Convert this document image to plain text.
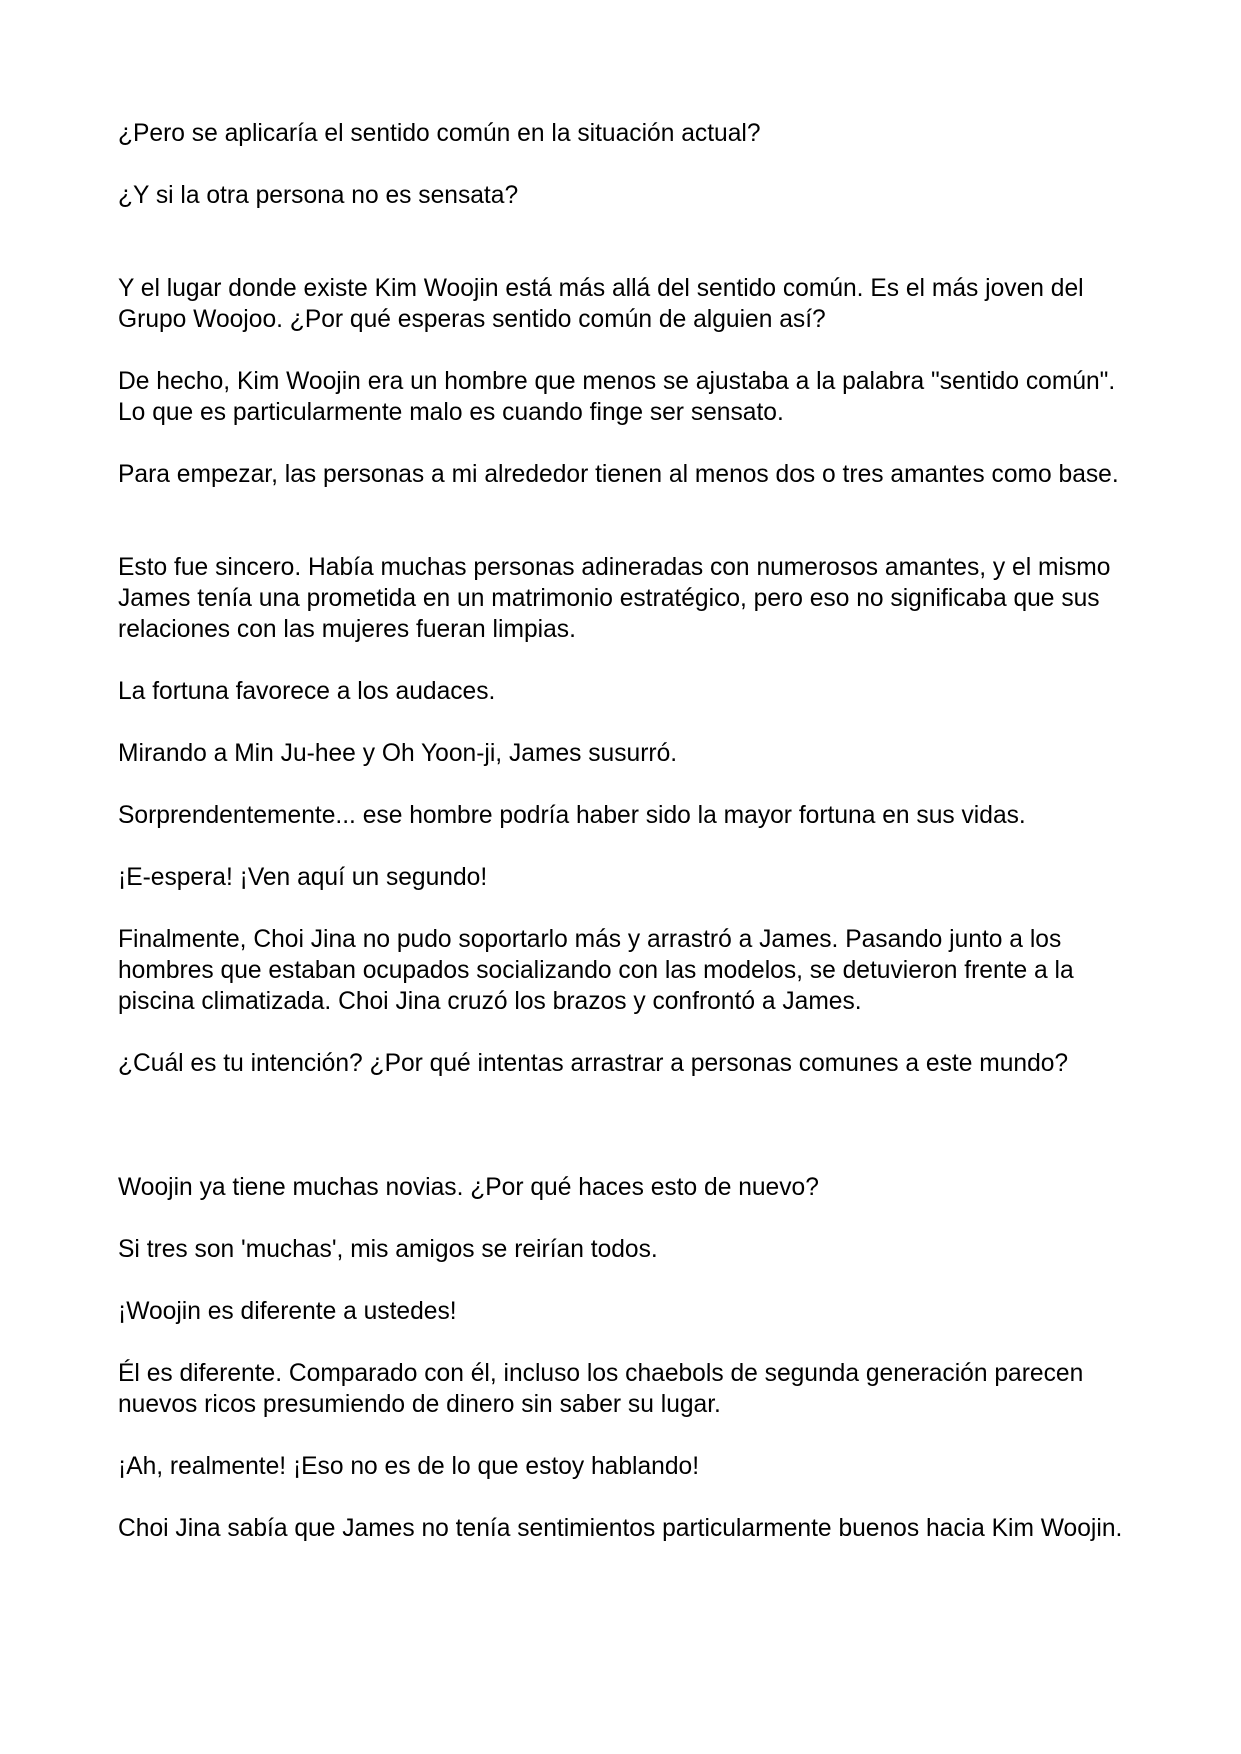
¿Pero se aplicaría el sentido común en la situación actual?

¿Y si la otra persona no es sensata?

Y el lugar donde existe Kim Woojin está más allá del sentido común. Es el más joven del Grupo Woojoo. ¿Por qué esperas sentido común de alguien así?

De hecho, Kim Woojin era un hombre que menos se ajustaba a la palabra "sentido común". Lo que es particularmente malo es cuando finge ser sensato.

Para empezar, las personas a mi alrededor tienen al menos dos o tres amantes como base.

Esto fue sincero. Había muchas personas adineradas con numerosos amantes, y el mismo James tenía una prometida en un matrimonio estratégico, pero eso no significaba que sus relaciones con las mujeres fueran limpias.

La fortuna favorece a los audaces.

Mirando a Min Ju-hee y Oh Yoon-ji, James susurró.

Sorprendentemente... ese hombre podría haber sido la mayor fortuna en sus vidas.

¡E-espera! ¡Ven aquí un segundo!

Finalmente, Choi Jina no pudo soportarlo más y arrastró a James. Pasando junto a los hombres que estaban ocupados socializando con las modelos, se detuvieron frente a la piscina climatizada. Choi Jina cruzó los brazos y confrontó a James.

¿Cuál es tu intención? ¿Por qué intentas arrastrar a personas comunes a este mundo?

Woojin ya tiene muchas novias. ¿Por qué haces esto de nuevo?

Si tres son 'muchas', mis amigos se reirían todos.

¡Woojin es diferente a ustedes!

Él es diferente. Comparado con él, incluso los chaebols de segunda generación parecen nuevos ricos presumiendo de dinero sin saber su lugar.

¡Ah, realmente! ¡Eso no es de lo que estoy hablando!

Choi Jina sabía que James no tenía sentimientos particularmente buenos hacia Kim Woojin.
